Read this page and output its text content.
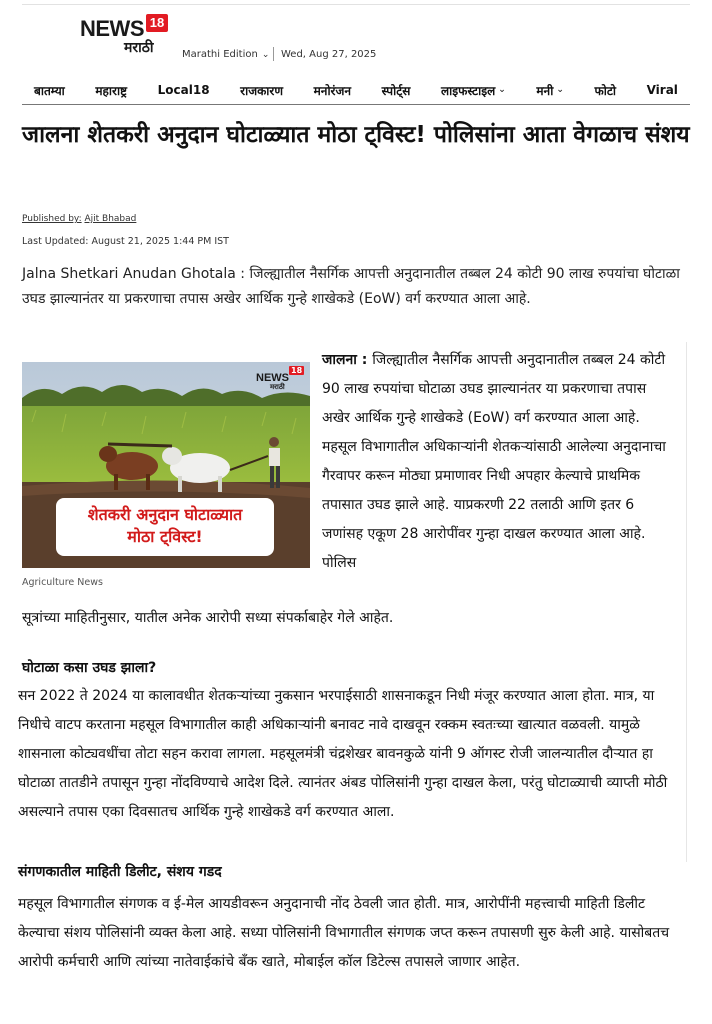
NEWS 18
मराठी	Marathi Edition ⌄ Wed, Aug 27, 2025
बातम्या	महाराष्ट्र	Local18	राजकारण	मनोरंजन	स्पोर्ट्स	लाइफस्टाइल ⌄	मनी ⌄	फोटो	Viral
जालना शेतकरी अनुदान घोटाळ्यात मोठा ट्विस्ट! पोलिसांना आता वेगळाच संशय
Published by: Ajit Bhabad
Last Updated: August 21, 2025 1:44 PM IST

Jalna Shetkari Anudan Ghotala : जिल्ह्यातील नैसर्गिक आपत्ती अनुदानातील तब्बल 24 कोटी 90 लाख रुपयांचा घोटाळा उघड झाल्यानंतर या प्रकरणाचा तपास अखेर आर्थिक गुन्हे शाखेकडे (EoW) वर्ग करण्यात आला आहे.

NEWS18
मराठी
शेतकरी अनुदान घोटाळ्यात
मोठा ट्विस्ट!
Agriculture News

जालना : जिल्ह्यातील नैसर्गिक आपत्ती अनुदानातील तब्बल 24 कोटी 90 लाख रुपयांचा घोटाळा उघड झाल्यानंतर या प्रकरणाचा तपास अखेर आर्थिक गुन्हे शाखेकडे (EoW) वर्ग करण्यात आला आहे. महसूल विभागातील अधिकाऱ्यांनी शेतकऱ्यांसाठी आलेल्या अनुदानाचा गैरवापर करून मोठ्या प्रमाणावर निधी अपहार केल्याचे प्राथमिक तपासात उघड झाले आहे. याप्रकरणी 22 तलाठी आणि इतर 6 जणांसह एकूण 28 आरोपींवर गुन्हा दाखल करण्यात आला आहे. पोलिस

सूत्रांच्या माहितीनुसार, यातील अनेक आरोपी सध्या संपर्काबाहेर गेले आहेत.

घोटाळा कसा उघड झाला?

सन 2022 ते 2024 या कालावधीत शेतकऱ्यांच्या नुकसान भरपाईसाठी शासनाकडून निधी मंजूर करण्यात आला होता. मात्र, या निधीचे वाटप करताना महसूल विभागातील काही अधिकाऱ्यांनी बनावट नावे दाखवून रक्कम स्वतःच्या खात्यात वळवली. यामुळे शासनाला कोट्यवधींचा तोटा सहन करावा लागला. महसूलमंत्री चंद्रशेखर बावनकुळे यांनी 9 ऑगस्ट रोजी जालन्यातील दौऱ्यात हा घोटाळा तातडीने तपासून गुन्हा नोंदविण्याचे आदेश दिले. त्यानंतर अंबड पोलिसांनी गुन्हा दाखल केला, परंतु घोटाळ्याची व्याप्ती मोठी असल्याने तपास एका दिवसातच आर्थिक गुन्हे शाखेकडे वर्ग करण्यात आला.

संगणकातील माहिती डिलीट, संशय गडद

महसूल विभागातील संगणक व ई-मेल आयडीवरून अनुदानाची नोंद ठेवली जात होती. मात्र, आरोपींनी महत्त्वाची माहिती डिलीट केल्याचा संशय पोलिसांनी व्यक्त केला आहे. सध्या पोलिसांनी विभागातील संगणक जप्त करून तपासणी सुरु केली आहे. यासोबतच आरोपी कर्मचारी आणि त्यांच्या नातेवाईकांचे बँक खाते, मोबाईल कॉल डिटेल्स तपासले जाणार आहेत.
